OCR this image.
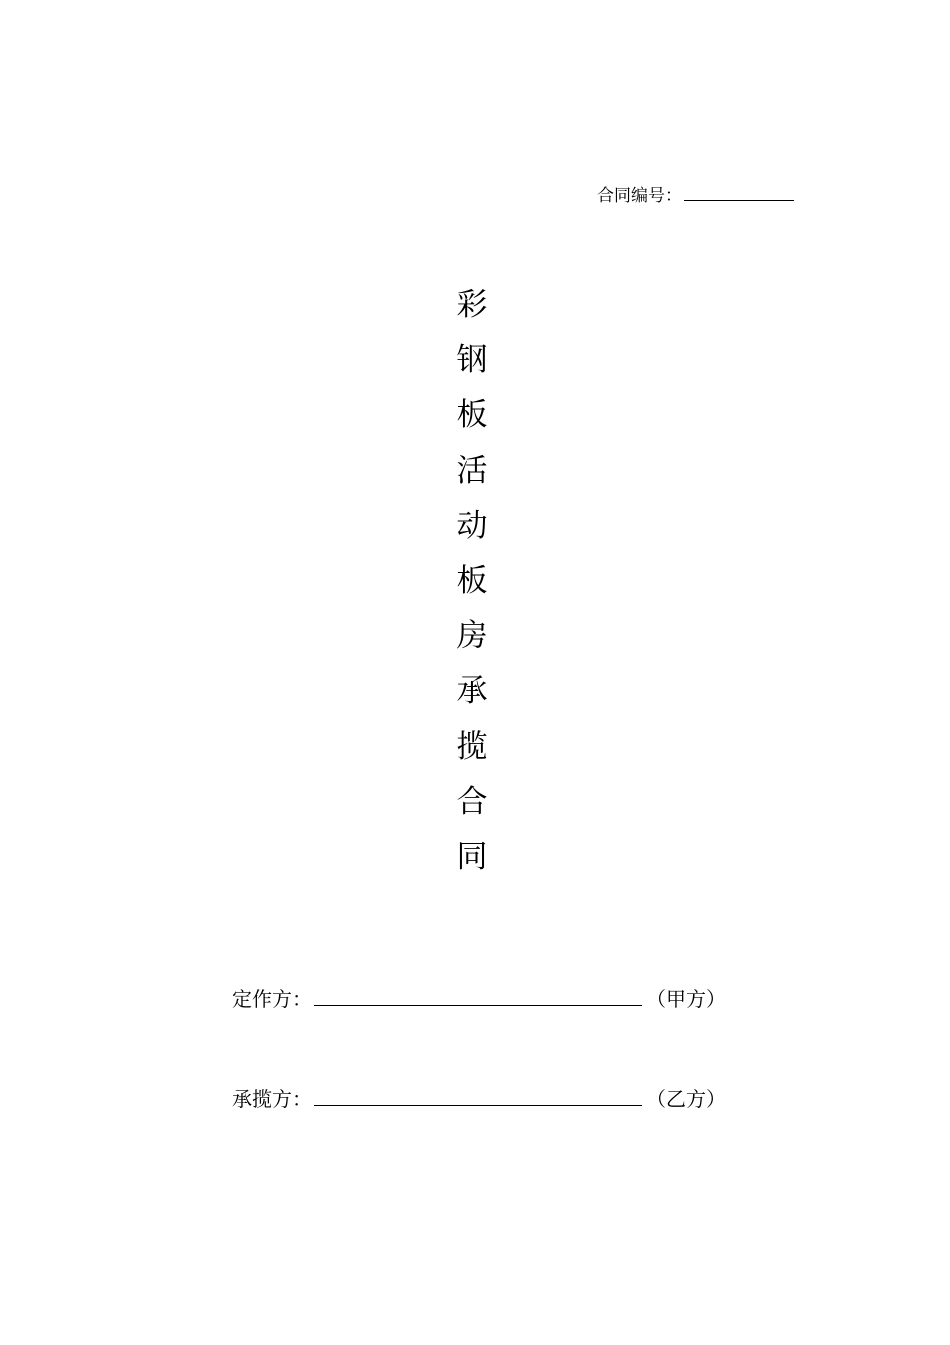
合同编号：
彩
钢
板
活
动
板
房
承
揽
合
同
定作方：	（甲方）
承揽方：	（乙方）
